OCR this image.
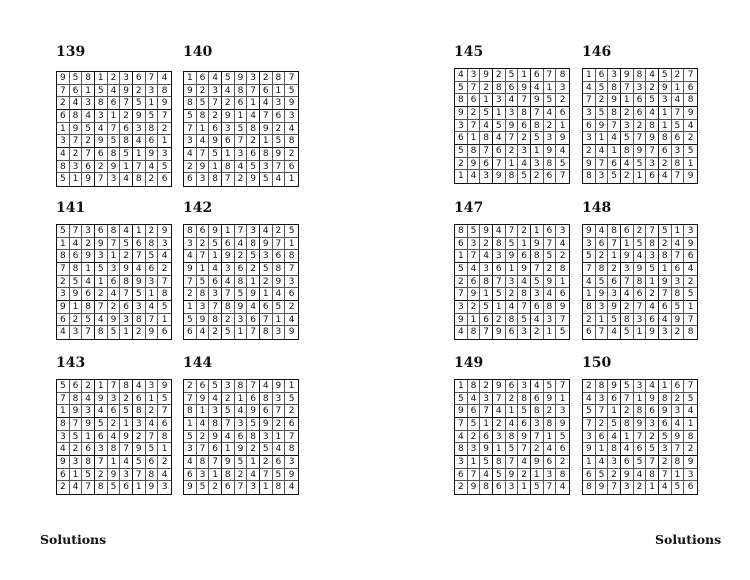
139
9 5 8 1 2 3 6 7 4
7 6 1 5 4 9 2 3 8
2 4 3 8 6 7 5 1 9
6 8 4 3 1 2 9 5 7
1 9 5 4 7 6 3 8 2
3 7 2 9 5 8 4 6 1
4 2 7 6 8 5 1 9 3
8 3 6 2 9 1 7 4 5
5 1 9 7 3 4 8 2 6
140
1 6 4 5 9 3 2 8 7
9 2 3 4 8 7 6 1 5
8 5 7 2 6 1 4 3 9
5 8 2 9 1 4 7 6 3
7 1 6 3 5 8 9 2 4
3 4 9 6 7 2 1 5 8
4 7 5 1 3 6 8 9 2
2 9 1 8 4 5 3 7 6
6 3 8 7 2 9 5 4 1
141
5 7 3 6 8 4 1 2 9
1 4 2 9 7 5 6 8 3
8 6 9 3 1 2 7 5 4
7 8 1 5 3 9 4 6 2
2 5 4 1 6 8 9 3 7
3 9 6 2 4 7 5 1 8
9 1 8 7 2 6 3 4 5
6 2 5 4 9 3 8 7 1
4 3 7 8 5 1 2 9 6
142
8 6 9 1 7 3 4 2 5
3 2 5 6 4 8 9 7 1
4 7 1 9 2 5 3 6 8
9 1 4 3 6 2 5 8 7
7 5 6 4 8 1 2 9 3
2 8 3 7 5 9 1 4 6
1 3 7 8 9 4 6 5 2
5 9 8 2 3 6 7 1 4
6 4 2 5 1 7 8 3 9
143
5 6 2 1 7 8 4 3 9
7 8 4 9 3 2 6 1 5
1 9 3 4 6 5 8 2 7
8 7 9 5 2 1 3 4 6
3 5 1 6 4 9 2 7 8
4 2 6 3 8 7 9 5 1
9 3 8 7 1 4 5 6 2
6 1 5 2 9 3 7 8 4
2 4 7 8 5 6 1 9 3
144
2 6 5 3 8 7 4 9 1
7 9 4 2 1 6 8 3 5
8 1 3 5 4 9 6 7 2
1 4 8 7 3 5 9 2 6
5 2 9 4 6 8 3 1 7
3 7 6 1 9 2 5 4 8
4 8 7 9 5 1 2 6 3
6 3 1 8 2 4 7 5 9
9 5 2 6 7 3 1 8 4
Solutions
145
4 3 9 2 5 1 6 7 8
5 7 2 8 6 9 4 1 3
8 6 1 3 4 7 9 5 2
9 2 5 1 3 8 7 4 6
3 7 4 5 9 6 8 2 1
6 1 8 4 7 2 5 3 9
5 8 7 6 2 3 1 9 4
2 9 6 7 1 4 3 8 5
1 4 3 9 8 5 2 6 7
146
1 6 3 9 8 4 5 2 7
4 5 8 7 3 2 9 1 6
7 2 9 1 6 5 3 4 8
3 5 8 2 6 4 1 7 9
6 9 7 3 2 8 1 5 4
3 1 4 5 7 9 8 6 2
2 4 1 8 9 7 6 3 5
9 7 6 4 5 3 2 8 1
8 3 5 2 1 6 4 7 9
147
8 5 9 4 7 2 1 6 3
6 3 2 8 5 1 9 7 4
1 7 4 3 9 6 8 5 2
5 4 3 6 1 9 7 2 8
2 6 8 7 3 4 5 9 1
7 9 1 5 2 8 3 4 6
3 2 5 1 4 7 6 8 9
9 1 6 2 8 5 4 3 7
4 8 7 9 6 3 2 1 5
148
9 4 8 6 2 7 5 1 3
3 6 7 1 5 8 2 4 9
5 2 1 9 4 3 8 7 6
7 8 2 3 9 5 1 6 4
4 5 6 7 8 1 9 3 2
1 9 3 4 6 2 7 8 5
8 3 9 2 7 4 6 5 1
2 1 5 8 3 6 4 9 7
6 7 4 5 1 9 3 2 8
149
1 8 2 9 6 3 4 5 7
5 4 3 7 2 8 6 9 1
9 6 7 4 1 5 8 2 3
7 5 1 2 4 6 3 8 9
4 2 6 3 8 9 7 1 5
8 3 9 1 5 7 2 4 6
3 1 5 8 7 4 9 6 2
6 7 4 5 9 2 1 3 8
2 9 8 6 3 1 5 7 4
150
2 8 9 5 3 4 1 6 7
4 3 6 7 1 9 8 2 5
5 7 1 2 8 6 9 3 4
7 2 5 8 9 3 6 4 1
3 6 4 1 7 2 5 9 8
9 1 8 4 6 5 3 7 2
1 4 3 6 5 7 2 8 9
6 5 2 9 4 8 7 1 3
8 9 7 3 2 1 4 5 6
Solutions
